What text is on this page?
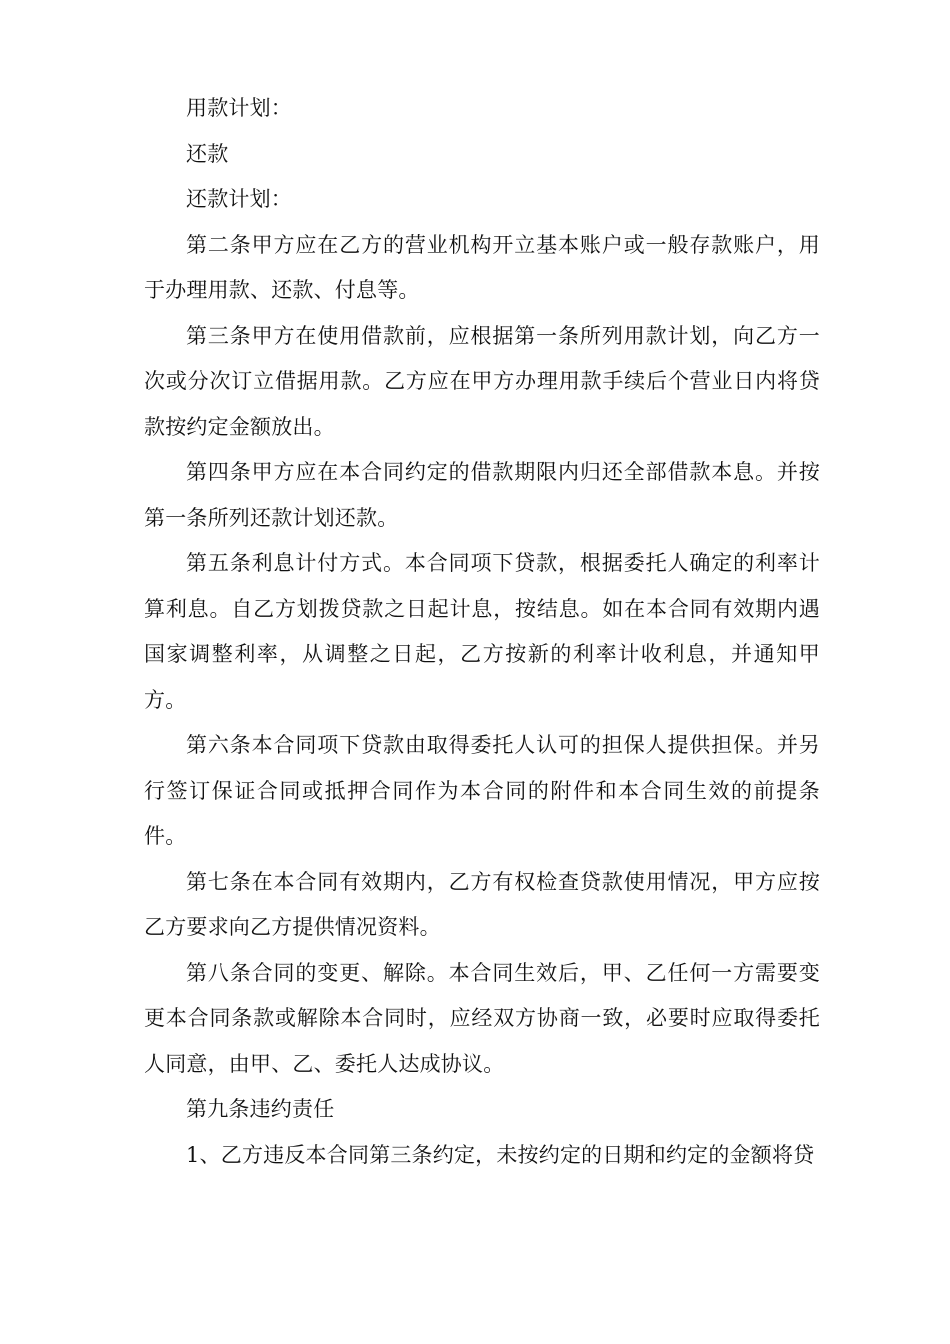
用款计划：

还款

还款计划：

第二条甲方应在乙方的营业机构开立基本账户或一般存款账户，用于办理用款、还款、付息等。

第三条甲方在使用借款前，应根据第一条所列用款计划，向乙方一次或分次订立借据用款。乙方应在甲方办理用款手续后个营业日内将贷款按约定金额放出。

第四条甲方应在本合同约定的借款期限内归还全部借款本息。并按第一条所列还款计划还款。

第五条利息计付方式。本合同项下贷款，根据委托人确定的利率计算利息。自乙方划拨贷款之日起计息，按结息。如在本合同有效期内遇国家调整利率，从调整之日起，乙方按新的利率计收利息，并通知甲方。

第六条本合同项下贷款由取得委托人认可的担保人提供担保。并另行签订保证合同或抵押合同作为本合同的附件和本合同生效的前提条件。

第七条在本合同有效期内，乙方有权检查贷款使用情况，甲方应按乙方要求向乙方提供情况资料。

第八条合同的变更、解除。本合同生效后，甲、乙任何一方需要变更本合同条款或解除本合同时，应经双方协商一致，必要时应取得委托人同意，由甲、乙、委托人达成协议。

第九条违约责任

1、乙方违反本合同第三条约定，未按约定的日期和约定的金额将贷
